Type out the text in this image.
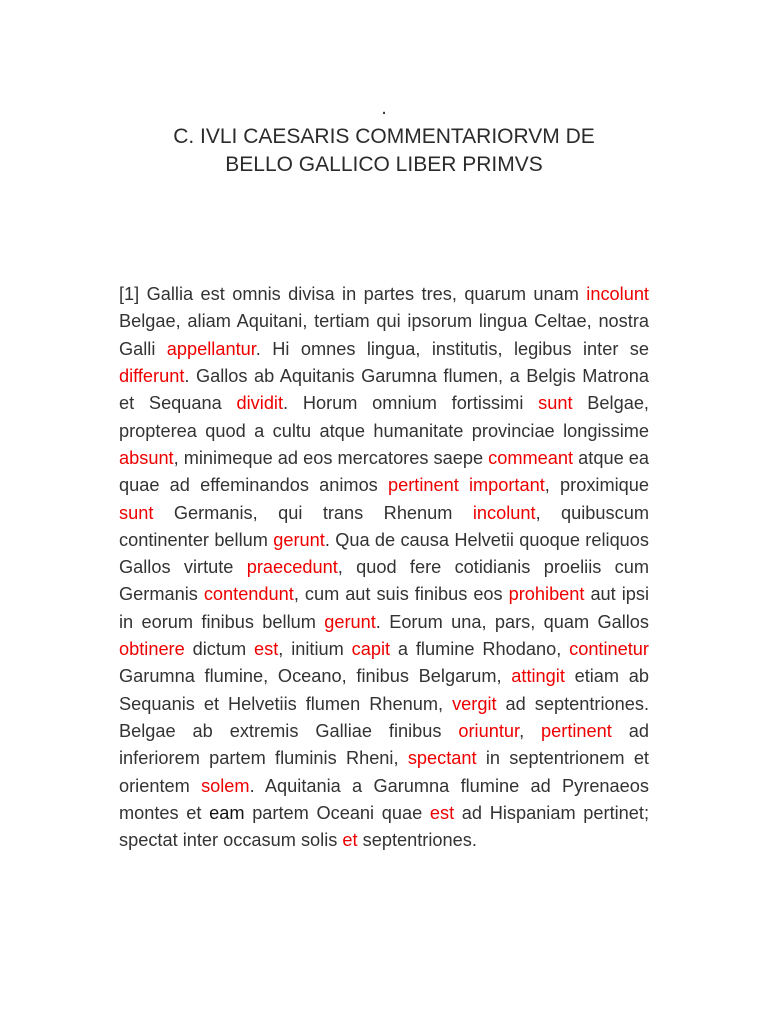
.
C. IVLI CAESARIS COMMENTARIORVM DE
BELLO GALLICO LIBER PRIMVS

[1] Gallia est omnis divisa in partes tres, quarum unam incolunt Belgae, aliam Aquitani, tertiam qui ipsorum lingua Celtae, nostra Galli appellantur. Hi omnes lingua, institutis, legibus inter se differunt. Gallos ab Aquitanis Garumna flumen, a Belgis Matrona et Sequana dividit. Horum omnium fortissimi sunt Belgae, propterea quod a cultu atque humanitate provinciae longissime absunt, minimeque ad eos mercatores saepe commeant atque ea quae ad effeminandos animos pertinent important, proximique sunt Germanis, qui trans Rhenum incolunt, quibuscum continenter bellum gerunt. Qua de causa Helvetii quoque reliquos Gallos virtute praecedunt, quod fere cotidianis proeliis cum Germanis contendunt, cum aut suis finibus eos prohibent aut ipsi in eorum finibus bellum gerunt. Eorum una, pars, quam Gallos obtinere dictum est, initium capit a flumine Rhodano, continetur Garumna flumine, Oceano, finibus Belgarum, attingit etiam ab Sequanis et Helvetiis flumen Rhenum, vergit ad septentriones. Belgae ab extremis Galliae finibus oriuntur, pertinent ad inferiorem partem fluminis Rheni, spectant in septentrionem et orientem solem. Aquitania a Garumna flumine ad Pyrenaeos montes et eam partem Oceani quae est ad Hispaniam pertinet; spectat inter occasum solis et septentriones.
